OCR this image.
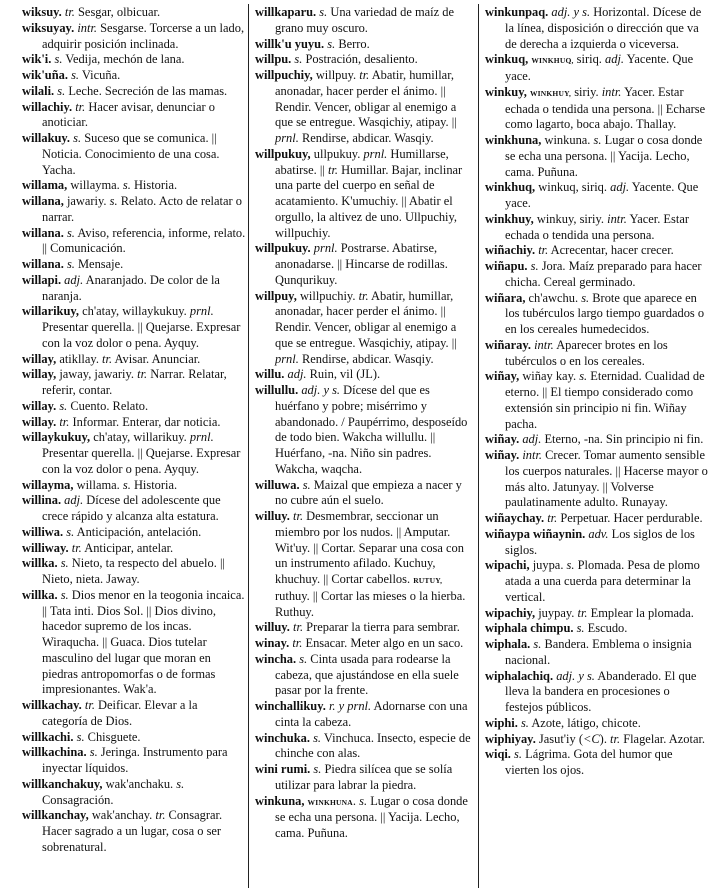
wiksuy. tr. Sesgar, olbicuar.

wiksuyay. intr. Sesgarse. Torcerse a un lado, adquirir posición inclinada.

wik'i. s. Vedija, mechón de lana.

wik'uña. s. Vicuña.

wilali. s. Leche. Secreción de las mamas.

willachiy. tr. Hacer avisar, denunciar o anoticiar.

willakuy. s. Suceso que se comunica. || Noticia. Conocimiento de una cosa. Yacha.

willama, willayma. s. Historia.

willana, jawariy. s. Relato. Acto de relatar o narrar.

willana. s. Aviso, referencia, informe, relato. || Comunicación.

willana. s. Mensaje.

willapi. adj. Anaranjado. De color de la naranja.

willarikuy, ch'atay, willaykukuy. prnl. Presentar querella. || Quejarse. Expresar con la voz dolor o pena. Ayquy.

willay, atikllay. tr. Avisar. Anunciar.

willay, jaway, jawariy. tr. Narrar. Relatar, referir, contar.

willay. s. Cuento. Relato.

willay. tr. Informar. Enterar, dar noticia.

willaykukuy, ch'atay, willarikuy. prnl. Presentar querella. || Quejarse. Expresar con la voz dolor o pena. Ayquy.

willayma, willama. s. Historia.

willina. adj. Dícese del adolescente que crece rápido y alcanza alta estatura.

williwa. s. Anticipación, antelación.

williway. tr. Anticipar, antelar.

willka. s. Nieto, ta respecto del abuelo. || Nieto, nieta. Jaway.

willka. s. Dios menor en la teogonia incaica. || Tata inti. Dios Sol. || Dios divino, hacedor supremo de los incas. Wiraqucha. || Guaca. Dios tutelar masculino del lugar que moran en piedras antropomorfas o de formas impresionantes. Wak'a.

willkachay. tr. Deificar. Elevar a la categoría de Dios.

willkachi. s. Chisguete.

willkachina. s. Jeringa. Instrumento para inyectar líquidos.

willkanchakuy, wak'anchaku. s. Consagración.

willkanchay, wak'anchay. tr. Consagrar. Hacer sagrado a un lugar, cosa o ser sobrenatural.

willkaparu. s. Una variedad de maíz de grano muy oscuro.

willk'u yuyu. s. Berro.

willpu. s. Postración, desaliento.

willpuchiy, willpuy. tr. Abatir, humillar, anonadar, hacer perder el ánimo. || Rendir. Vencer, obligar al enemigo a que se entregue. Wasqichiy, atipay. || prnl. Rendirse, abdicar. Wasqiy.

willpukuy, ullpukuy. prnl. Humillarse, abatirse. || tr. Humillar. Bajar, inclinar una parte del cuerpo en señal de acatamiento. K'umuchiy. || Abatir el orgullo, la altivez de uno. Ullpuchiy, willpuchiy.

willpukuy. prnl. Postrarse. Abatirse, anonadarse. || Hincarse de rodillas. Qunqurikuy.

willpuy, willpuchiy. tr. Abatir, humillar, anonadar, hacer perder el ánimo. || Rendir. Vencer, obligar al enemigo a que se entregue. Wasqichiy, atipay. || prnl. Rendirse, abdicar. Wasqiy.

willu. adj. Ruin, vil (JL).

willullu. adj. y s. Dícese del que es huérfano y pobre; misérrimo y abandonado. / Paupérrimo, desposeído de todo bien. Wakcha willullu. || Huérfano, -na. Niño sin padres. Wakcha, waqcha.

willuwa. s. Maizal que empieza a nacer y no cubre aún el suelo.

willuy. tr. Desmembrar, seccionar un miembro por los nudos. || Amputar. Wit'uy. || Cortar. Separar una cosa con un instrumento afilado. Kuchuy, khuchuy. || Cortar cabellos. RUTUY, ruthuy. || Cortar las mieses o la hierba. Ruthuy.

willuy. tr. Preparar la tierra para sembrar.

winay. tr. Ensacar. Meter algo en un saco.

wincha. s. Cinta usada para rodearse la cabeza, que ajustándose en ella suele pasar por la frente.

winchallikuy. r. y prnl. Adornarse con una cinta la cabeza.

winchuka. s. Vinchuca. Insecto, especie de chinche con alas.

wini rumi. s. Piedra silícea que se solía utilizar para labrar la piedra.

winkuna, WINKHUNA. s. Lugar o cosa donde se echa una persona. || Yacija. Lecho, cama. Puñuna.

winkunpaq. adj. y s. Horizontal. Dícese de la línea, disposición o dirección que va de derecha a izquierda o viceversa.

winkuq, WINKHUQ, siriq. adj. Yacente. Que yace.

winkuy, WINKHUY, siriy. intr. Yacer. Estar echada o tendida una persona. || Echarse como lagarto, boca abajo. Thallay.

winkhuna, winkuna. s. Lugar o cosa donde se echa una persona. || Yacija. Lecho, cama. Puñuna.

winkhuq, winkuq, siriq. adj. Yacente. Que yace.

winkhuy, winkuy, siriy. intr. Yacer. Estar echada o tendida una persona.

wiñachiy. tr. Acrecentar, hacer crecer.

wiñapu. s. Jora. Maíz preparado para hacer chicha. Cereal germinado.

wiñara, ch'awchu. s. Brote que aparece en los tubérculos largo tiempo guardados o en los cereales humedecidos.

wiñaray. intr. Aparecer brotes en los tubérculos o en los cereales.

wiñay, wiñay kay. s. Eternidad. Cualidad de eterno. || El tiempo considerado como extensión sin principio ni fin. Wiñay pacha.

wiñay. adj. Eterno, -na. Sin principio ni fin.

wiñay. intr. Crecer. Tomar aumento sensible los cuerpos naturales. || Hacerse mayor o más alto. Jatunyay. || Volverse paulatinamente adulto. Runayay.

wiñaychay. tr. Perpetuar. Hacer perdurable.

wiñaypa wiñaynin. adv. Los siglos de los siglos.

wipachi, juypa. s. Plomada. Pesa de plomo atada a una cuerda para determinar la vertical.

wipachiy, juypay. tr. Emplear la plomada.

wiphala chimpu. s. Escudo.

wiphala. s. Bandera. Emblema o insignia nacional.

wiphalachiq. adj. y s. Abanderado. El que lleva la bandera en procesiones o festejos públicos.

wiphi. s. Azote, látigo, chicote.

wiphiyay. Jasut'iy (<C). tr. Flagelar. Azotar.

wiqi. s. Lágrima. Gota del humor que vierten los ojos.
